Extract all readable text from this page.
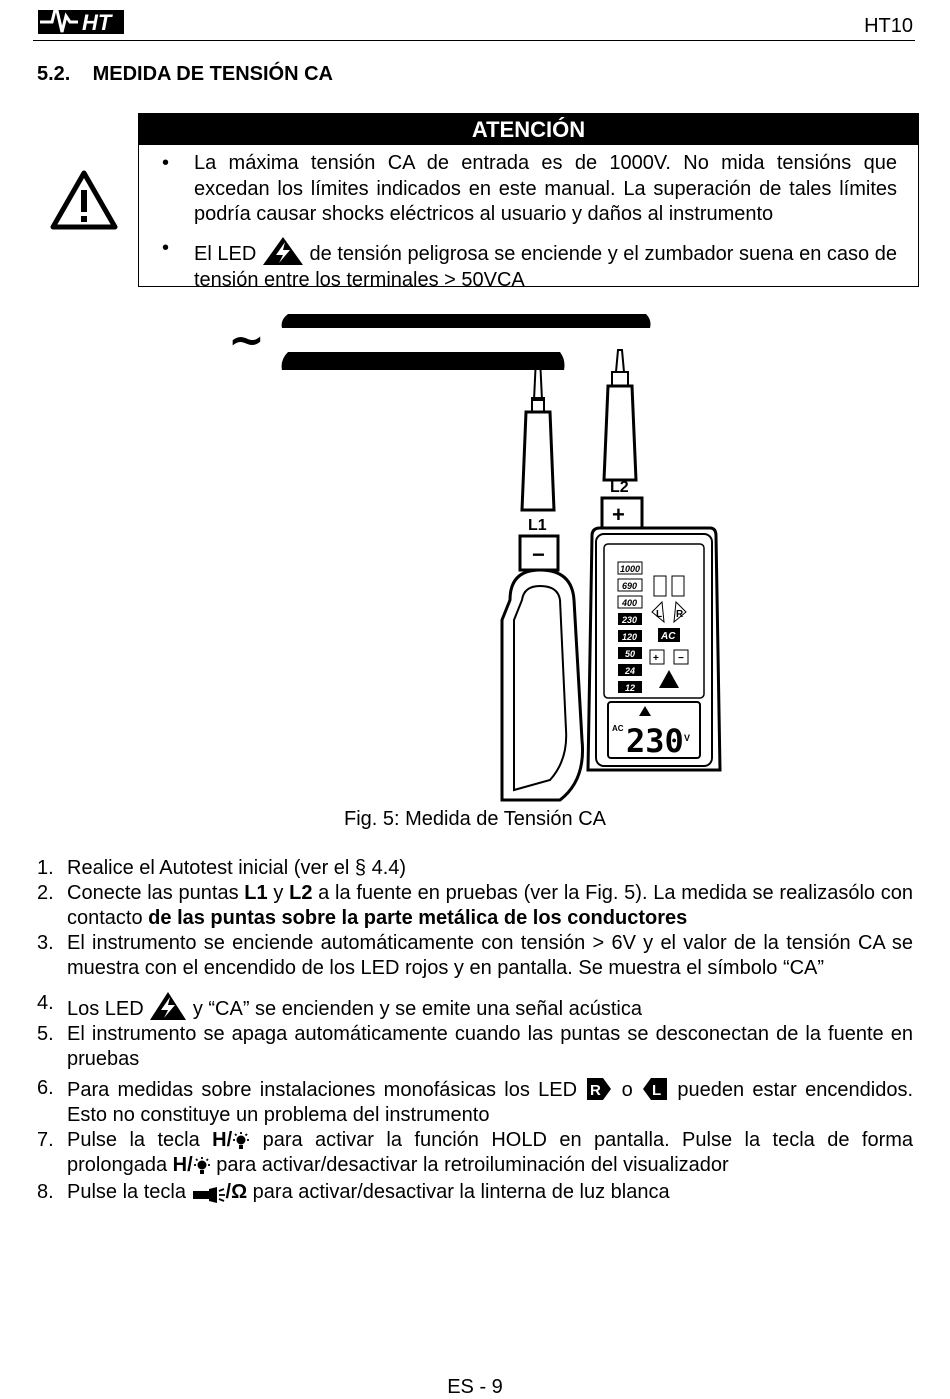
HT	HT10
5.2. MEDIDA DE TENSIÓN CA
ATENCIÓN
• La máxima tensión CA de entrada es de 1000V. No mida tensións que excedan los límites indicados en este manual. La superación de tales límites podría causar shocks eléctricos al usuario y daños al instrumento
• El LED	de tensión peligrosa se enciende y el zumbador suena en caso de tensión entre los terminales > 50VCA
~
L1
−
L2
+
1000
690
400
230
120
50
24
12
L R
AC
+ −
AC 230 V
Fig. 5: Medida de Tensión CA
1. Realice el Autotest inicial (ver el § 4.4)
2. Conecte las puntas L1 y L2 a la fuente en pruebas (ver la Fig. 5). La medida se realizasólo con contacto de las puntas sobre la parte metálica de los conductores
3. El instrumento se enciende automáticamente con tensión > 6V y el valor de la tensión CA se muestra con el encendido de los LED rojos y en pantalla. Se muestra el símbolo “CA”
4. Los LED  y “CA” se encienden y se emite una señal acústica
5. El instrumento se apaga automáticamente cuando las puntas se desconectan de la fuente en pruebas
6. Para medidas sobre instalaciones monofásicas los LED R o L pueden estar encendidos. Esto no constituye un problema del instrumento
7. Pulse la tecla H/ para activar la función HOLD en pantalla. Pulse la tecla de forma prolongada H/ para activar/desactivar la retroiluminación del visualizador
8. Pulse la tecla /Ω para activar/desactivar la linterna de luz blanca
ES - 9
